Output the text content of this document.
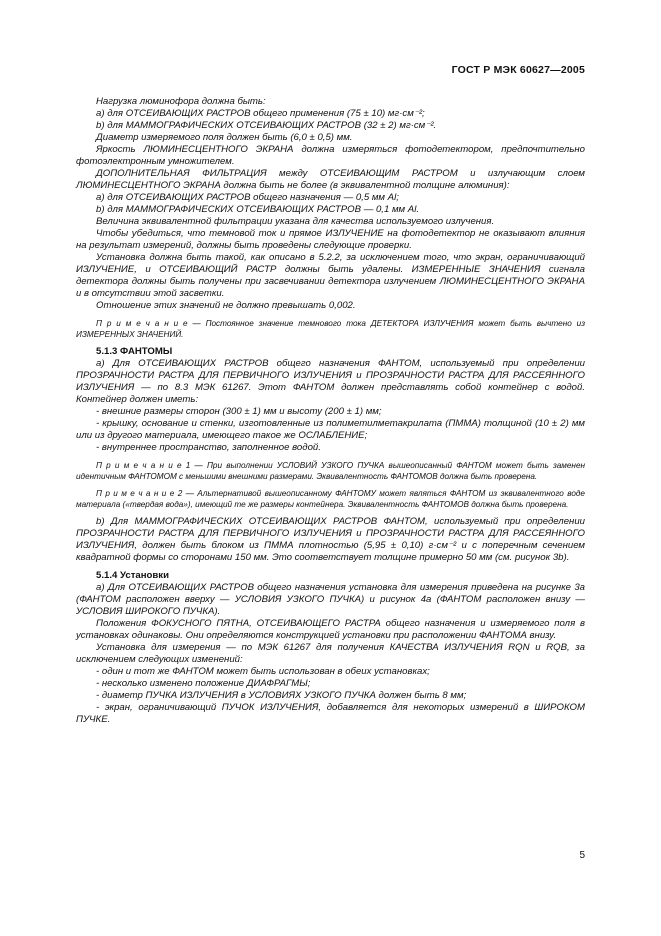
ГОСТ Р МЭК 60627—2005

Нагрузка люминофора должна быть:

а) для ОТСЕИВАЮЩИХ РАСТРОВ общего применения (75 ± 10) мг·см⁻²;

b) для МАММОГРАФИЧЕСКИХ ОТСЕИВАЮЩИХ РАСТРОВ (32 ± 2) мг·см⁻².

Диаметр измеряемого поля должен быть (6,0 ± 0,5) мм.

Яркость ЛЮМИНЕСЦЕНТНОГО ЭКРАНА должна измеряться фотодетектором, предпочтительно фотоэлектронным умножителем.

ДОПОЛНИТЕЛЬНАЯ ФИЛЬТРАЦИЯ между ОТСЕИВАЮЩИМ РАСТРОМ и излучающим слоем ЛЮМИНЕСЦЕНТНОГО ЭКРАНА должна быть не более (в эквивалентной толщине алюминия):

а) для ОТСЕИВАЮЩИХ РАСТРОВ общего назначения — 0,5 мм Al;

b) для МАММОГРАФИЧЕСКИХ ОТСЕИВАЮЩИХ РАСТРОВ — 0,1 мм Al.

Величина эквивалентной фильтрации указана для качества используемого излучения.

Чтобы убедиться, что темновой ток и прямое ИЗЛУЧЕНИЕ на фотодетектор не оказывают влияния на результат измерений, должны быть проведены следующие проверки.

Установка должна быть такой, как описано в 5.2.2, за исключением того, что экран, ограничивающий ИЗЛУЧЕНИЕ, и ОТСЕИВАЮЩИЙ РАСТР должны быть удалены. ИЗМЕРЕННЫЕ ЗНАЧЕНИЯ сигнала детектора должны быть получены при засвечивании детектора излучением ЛЮМИНЕСЦЕНТНОГО ЭКРАНА и в отсутствии этой засветки.

Отношение этих значений не должно превышать 0,002.

П р и м е ч а н и е — Постоянное значение темнового тока ДЕТЕКТОРА ИЗЛУЧЕНИЯ может быть вычтено из ИЗМЕРЕННЫХ ЗНАЧЕНИЙ.
5.1.3 ФАНТОМЫ

а) Для ОТСЕИВАЮЩИХ РАСТРОВ общего назначения ФАНТОМ, используемый при определении ПРОЗРАЧНОСТИ РАСТРА ДЛЯ ПЕРВИЧНОГО ИЗЛУЧЕНИЯ и ПРОЗРАЧНОСТИ РАСТРА ДЛЯ РАССЕЯННОГО ИЗЛУЧЕНИЯ — по 8.3 МЭК 61267. Этот ФАНТОМ должен представлять собой контейнер с водой. Контейнер должен иметь:

- внешние размеры сторон (300 ± 1) мм и высоту (200 ± 1) мм;

- крышку, основание и стенки, изготовленные из полиметилметакрилата (ПММА) толщиной (10 ± 2) мм или из другого материала, имеющего такое же ОСЛАБЛЕНИЕ;

- внутреннее пространство, заполненное водой.

П р и м е ч а н и е 1 — При выполнении УСЛОВИЙ УЗКОГО ПУЧКА вышеописанный ФАНТОМ может быть заменен идентичным ФАНТОМОМ с меньшими внешними размерами. Эквивалентность ФАНТОМОВ должна быть проверена.
П р и м е ч а н и е 2 — Альтернативой вышеописанному ФАНТОМУ может являться ФАНТОМ из эквивалентного воде материала («твердая вода»), имеющий те же размеры контейнера. Эквивалентность ФАНТОМОВ должна быть проверена.

b) Для МАММОГРАФИЧЕСКИХ ОТСЕИВАЮЩИХ РАСТРОВ ФАНТОМ, используемый при определении ПРОЗРАЧНОСТИ РАСТРА ДЛЯ ПЕРВИЧНОГО ИЗЛУЧЕНИЯ и ПРОЗРАЧНОСТИ РАСТРА ДЛЯ РАССЕЯННОГО ИЗЛУЧЕНИЯ, должен быть блоком из ПММА плотностью (5,95 ± 0,10) г·см⁻² и с поперечным сечением квадратной формы со сторонами 150 мм. Это соответствует толщине примерно 50 мм (см. рисунок 3b).

5.1.4 Установки

а) Для ОТСЕИВАЮЩИХ РАСТРОВ общего назначения установка для измерения приведена на рисунке 3а (ФАНТОМ расположен вверху — УСЛОВИЯ УЗКОГО ПУЧКА) и рисунок 4а (ФАНТОМ расположен внизу — УСЛОВИЯ ШИРОКОГО ПУЧКА).

Положения ФОКУСНОГО ПЯТНА, ОТСЕИВАЮЩЕГО РАСТРА общего назначения и измеряемого поля в установках одинаковы. Они определяются конструкцией установки при расположении ФАНТОМА внизу.

Установка для измерения — по МЭК 61267 для получения КАЧЕСТВА ИЗЛУЧЕНИЯ RQN и RQB, за исключением следующих изменений:

- один и тот же ФАНТОМ может быть использован в обеих установках;

- несколько изменено положение ДИАФРАГМЫ;

- диаметр ПУЧКА ИЗЛУЧЕНИЯ в УСЛОВИЯХ УЗКОГО ПУЧКА должен быть 8 мм;

- экран, ограничивающий ПУЧОК ИЗЛУЧЕНИЯ, добавляется для некоторых измерений в ШИРОКОМ ПУЧКЕ.

5
